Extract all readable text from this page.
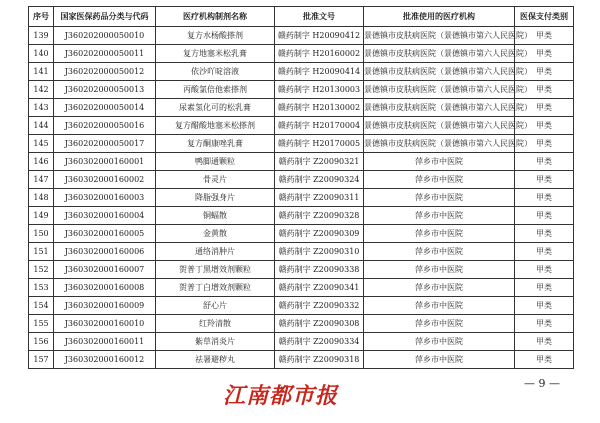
序号	国家医保药品分类与代码	医疗机构制剂名称	批准文号	批准使用的医疗机构	医保支付类别
139	J360202000050010	复方水杨酸搽剂	赣药制字 H20090412	景德镇市皮肤病医院（景德镇市第六人民医院）	甲类
140	J360202000050011	复方地塞米松乳膏	赣药制字 H20160002	景德镇市皮肤病医院（景德镇市第六人民医院）	甲类
141	J360202000050012	依沙吖啶溶液	赣药制字 H20090414	景德镇市皮肤病医院（景德镇市第六人民医院）	甲类
142	J360202000050013	丙酸氯倍他索搽剂	赣药制字 H20130003	景德镇市皮肤病医院（景德镇市第六人民医院）	甲类
143	J360202000050014	尿素氢化可的松乳膏	赣药制字 H20130002	景德镇市皮肤病医院（景德镇市第六人民医院）	甲类
144	J360202000050016	复方醋酸地塞米松搽剂	赣药制字 H20170004	景德镇市皮肤病医院（景德镇市第六人民医院）	甲类
145	J360202000050017	复方酮康唑乳膏	赣药制字 H20170005	景德镇市皮肤病医院（景德镇市第六人民医院）	甲类
146	J360302000160001	鸭脚通颗粒	赣药制字 Z20090321	萍乡市中医院	甲类
147	J360302000160002	骨灵片	赣药制字 Z20090324	萍乡市中医院	甲类
148	J360302000160003	降脂强身片	赣药制字 Z20090311	萍乡市中医院	甲类
149	J360302000160004	铜蝠散	赣药制字 Z20090328	萍乡市中医院	甲类
150	J360302000160005	金黄散	赣药制字 Z20090309	萍乡市中医院	甲类
151	J360302000160006	通络消肿片	赣药制字 Z20090310	萍乡市中医院	甲类
152	J360302000160007	贺普丁黑增效剂颗粒	赣药制字 Z20090338	萍乡市中医院	甲类
153	J360302000160008	贺普丁白增效剂颗粒	赣药制字 Z20090341	萍乡市中医院	甲类
154	J360302000160009	舒心片	赣药制字 Z20090332	萍乡市中医院	甲类
155	J360302000160010	红羚清散	赣药制字 Z20090308	萍乡市中医院	甲类
156	J360302000160011	紫草消炎片	赣药制字 Z20090334	萍乡市中医院	甲类
157	J360302000160012	祛暑避秽丸	赣药制字 Z20090318	萍乡市中医院	甲类
江南都市报	— 9 —
